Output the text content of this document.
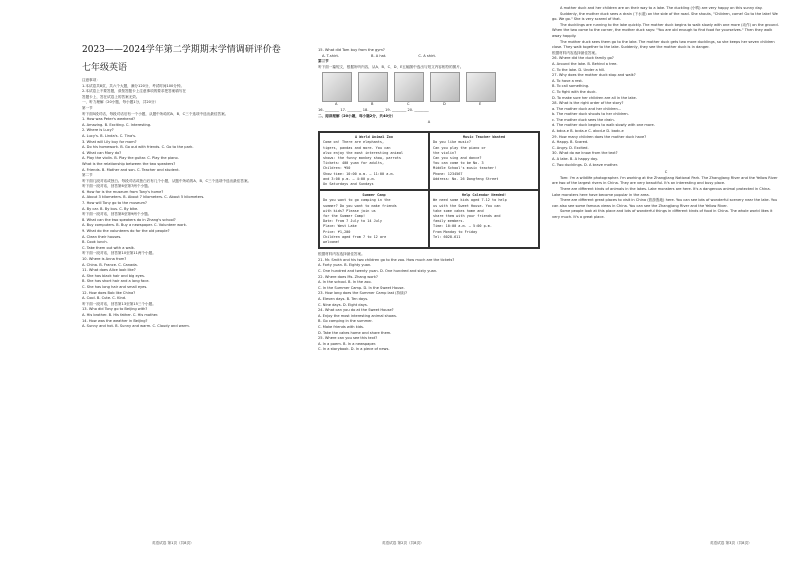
2023——2024学年第二学期期末学情调研评价卷
七年级英语
注意事项：
1.本试卷共8页，共六个大题，满分120分，考试时间100分钟。
2.本试卷上不要答题，请按答题卡上注意事项的要求把答案填写在
答题卡上，答在试卷上的答案无效。
一、听力理解（20小题，每小题1分，共20分）
第一节
听下面5段对话，每段对话后有一个小题，从题中所给的A、B、C三个选项中选出最佳答案。
1. How was Peter's weekend?
A. Amazing. B. Exciting. C. Interesting.
2. Where is Lucy?
A. Lucy's. B. Linda's. C. Tina's.
3. What will Lily buy for mom?
A. Do his homework. B. Go out with friends. C. Go to the park.
4. What can Mary do?
A. Play the violin. B. Play the guitar. C. Play the piano.
What is the relationship between the two speakers?
A. Friends. B. Mother and son. C. Teacher and student.
第二节
听下面几段对话或独白。每段对话或独白后有几个小题，从题中所给的A、B、C三个选项中选出最佳答案。
听下面一段对话，回答第6至第7两个小题。
6. How far is the museum from Tony's home?
A. About 3 kilometers. B. About 7 kilometers. C. About 5 kilometers.
7. How will Tony go to the museum?
A. By car. B. By bus. C. By bike.
听下面一段对话，回答第8至第9两个小题。
8. What can the two speakers do in Zhang's school?
A. Buy computers. B. Buy a newspaper. C. Volunteer work.
9. What do the volunteers do for the old people?
A. Clean their houses.
B. Cook lunch.
C. Take them out with a walk.
听下面一段对话，回答第10至第11两个小题。
10. Where is Anna from?
A. China. B. France. C. Canada.
11. What does Alice look like?
A. She has black hair and big eyes.
B. She has short hair and a long face.
C. She has long hair and small eyes.
12. How does Bob like China?
A. Cool. B. Cute. C. Kind.
听下面一段对话，回答第13至第15三个小题。
13. Who did Tony go to Beijing with?
A. His brother. B. His father. C. His mother.
14. How was the weather in Beijing?
A. Sunny and hot. B. Sunny and warm. C. Cloudy and warm.
15. What did Tom buy from the gym?
A. T-shirt.	B. A hat.	C. A shirt.
第三节
听下面一篇短文，根据所听内容，从A、B、C、D、E五幅图中选出与短文内容相符的图片。
A	B	C	D	E
16. ________ 17. ________ 18. ________ 19. ________ 20. ________
二、阅读理解（20小题，每小题2分，共40分）
A
A World Animal Zoo
Come on! There are elephants,
tigers, pandas and more. You can
also enjoy the most interesting animal
shows: the funny monkey show, parrots
Tickets: 400 yuan for adults,
Children: ¥50
Show time: 10:00 a.m. — 11:00 a.m.
and 3:00 p.m. — 4:00 p.m.
On Saturdays and Sundays
Music Teacher Wanted
Do you like music?
Can you play the piano or
the violin?
Can you sing and dance?
You can come to be No. 3
Middle School's music teacher!
Phone: 1234567
Address: No. 26 Dongfeng Street
Summer Camp
Do you want to go camping in the
summer? Do you want to make friends
with kids? Please join us
for the Summer Camp!
Date: From 7 July to 14 July
Place: West Lake
Price: ¥1,200
Children aged from 7 to 12 are
welcome!
Help Calendar Needed!
We need some kids aged 7-12 to help
us with the Sweet House. You can
take some cakes home and
share them with your friends and
family members.
Time: 10:00 a.m. — 5:00 p.m.
From Monday to Friday
Tel: 6028-611
根据材料内容选择最佳答案。
21. Mr. Smith and his two children go to the zoo. How much are the tickets?
A. Forty yuan. B. Eighty yuan.
C. One hundred and twenty yuan. D. One hundred and sixty yuan.
22. Where does Ms. Zhang work?
A. In the school. B. In the zoo.
C. In the Summer Camp. D. In the Sweet House.
23. How long does the Summer Camp last (持续)?
A. Eleven days. B. Ten days.
C. Nine days. D. Eight days.
24. What can you do at the Sweet House?
A. Enjoy the most interesting animal shows.
B. Go camping in the summer.
C. Make friends with kids.
D. Take the cakes home and share them.
25. Where can you see this text?
A. In a poem. B. In a newspaper.
C. In a storybook. D. In a piece of news.
A mother duck and her children are on their way to a lake. The duckling (小鸭) are very happy on this sunny day.
Suddenly, the mother duck sees a drain (下水道) on the side of the road. She shouts, "Children, come! Go to the lake! We go. We go." She is very scared of that.
The ducklings are running to the lake quickly. The mother duck begins to walk slowly with one more (动作) on the ground. When the two come to the corner, the mother duck says: "You are old enough to find food for yourselves." Then they walk away happily.
The mother duck sees them go to the lake. The mother duck gets two more ducklings, so she keeps her seven children close. They walk together to the lake. Suddenly, they see the mother duck is in danger.
根据材料内容选择最佳答案。
26. Where did the duck family go?
A. Around the lake. B. Behind a tree.
C. To the lake. D. Under a hill.
27. Why does the mother duck stop and walk?
A. To have a rest.
B. To call something.
C. To fight with the duck.
D. To make sure her children are all in the lake.
28. What is the right order of the story?
a. The mother duck and her children...
b. The mother duck shouts to her children.
c. The mother duck sees the drain.
d. The mother duck begins to walk slowly with one more.
A. bdca-e B. bcda-e C. abcd-e D. badc-e
29. How many children does the mother duck have?
A. Happy. B. Scared.
C. Angry. D. Excited.
30. What do we know from the text?
A. A lake. B. A happy day.
C. Two ducklings. D. A brave mother.
C
Tom: I'm a wildlife photographer. I'm working at the Zhangjiang National Park. The Zhangjiang River and the Yellow River are two of the largest rivers in China. They are very beautiful. It's an interesting and busy place.
There are different kinds of animals in the lakes. Lake monsters are here. It's a dangerous animal protected in China. Lake monsters here have become popular in the area.
There are different great places to visit in China (旅游胜地) here. You can see lots of wonderful scenery near the lake. You can also see some famous views in China. You can see the Zhangjiang River and the Yellow River.
Some people look at this place and lots of wonderful things in different kinds of food in China. The whole world likes it very much. It's a great place.
英语试卷 第1页（共8页）	英语试卷 第2页（共8页）	英语试卷 第3页（共8页）
